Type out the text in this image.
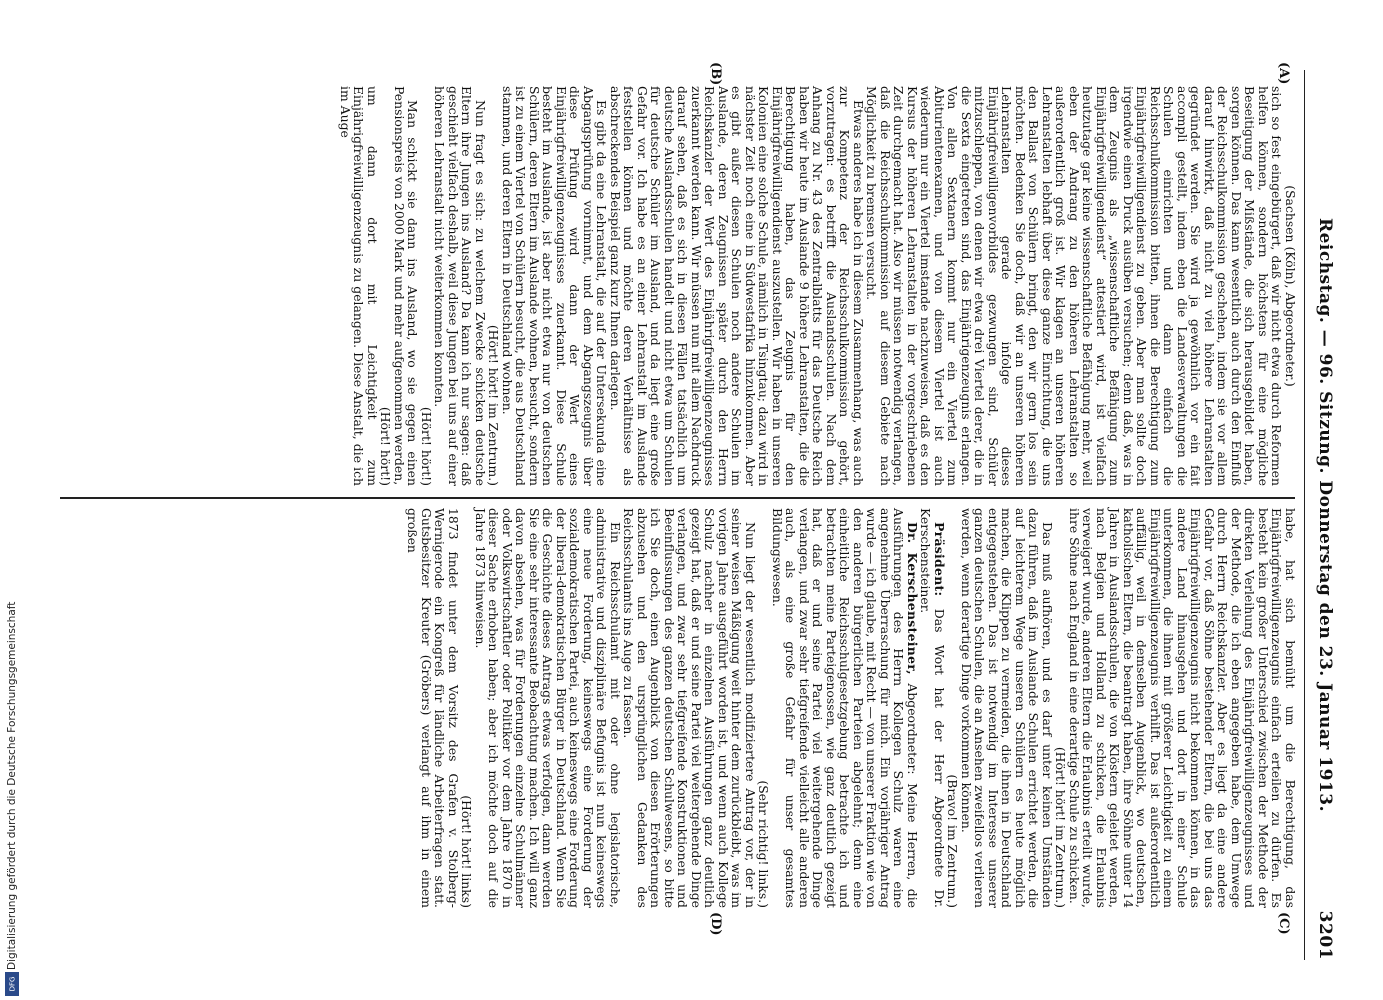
Digitalisierung gefördert durch die Deutsche Forschungsgemeinschaft
DFG
Reichstag. — 96. Sitzung. Donnerstag den 23. Januar 1913.
3201
(A)
(B)
(C)
(D)

(Sachsen (Köln), Abgeordneter.)

sich so fest eingebürgert, daß wir nicht etwa durch Reformen helfen können, sondern höchstens für eine mögliche Beseitigung der Mißstände, die sich herausgebildet haben, sorgen können. Das kann wesentlich auch durch den Einfluß der Reichsschulkommission geschehen, indem sie vor allem darauf hinwirkt, daß nicht zu viel höhere Lehranstalten gegründet werden. Sie wird ja gewöhnlich vor ein fait accompli gestellt, indem eben die Landesverwaltungen die Schulen einrichten und dann einfach die Reichsschulkommission bitten, ihnen die Berechtigung zum Einjährigfreiwilligendienst zu geben. Aber man sollte doch irgendwie einen Druck ausüben versuchen; denn daß, was in dem Zeugnis als „wissenschaftliche Befähigung zum Einjährigfreiwilligendienst“ attestiert wird, ist vielfach heutzutage gar keine wissenschaftliche Befähigung mehr, weil eben der Andrang zu den höheren Lehranstalten so außerordentlich groß ist. Wir klagen an unseren höheren Lehranstalten lebhaft über diese ganze Einrichtung, die uns den Ballast von Schülern bringt, den wir gern los sein möchten. Bedenken Sie doch, daß wir an unseren höheren Lehranstalten gerade infolge dieses Einjährigfreiwilligenvorbildes gezwungen sind, Schüler mitzuschleppen, von denen wir etwa drei Viertel derer, die in die Sexta eingetreten sind, das Einjährigenzeugnis erlangen. Von allen Sextanern kommt nur ein Viertel zum Abiturientenexamen, und von diesem Viertel ist auch wiederum nur ein Viertel imstande nachzuweisen, daß es den Kursus der höheren Lehranstalten in der vorgeschriebenen Zeit durchgemacht hat. Also wir müssen notwendig verlangen, daß die Reichsschulkommission auf diesem Gebiete nach Möglichkeit zu bremsen versucht.

Etwas anderes habe ich in diesem Zusammenhang, was auch zur Kompetenz der Reichsschulkommission gehört, vorzutragen: es betrifft die Auslandsschulen. Nach dem Anhang zu Nr. 43 des Zentralblatts für das Deutsche Reich haben wir heute im Auslande 9 höhere Lehranstalten, die die Berechtigung haben, das Zeugnis für den Einjährigfreiwilligendienst auszustellen. Wir haben in unseren Kolonien eine solche Schule, nämlich in Tsingtau; dazu wird in nächster Zeit noch eine in Südwestafrika hinzukommen. Aber es gibt außer diesen Schulen noch andere Schulen im Auslande, deren Zeugnissen später durch den Herrn Reichskanzler der Wert des Einjährigfreiwilligenzeugnisses zuerkannt werden kann. Wir müssen nun mit allem Nachdruck darauf sehen, daß es sich in diesen Fällen tatsächlich um deutsche Auslandsschulen handelt und nicht etwa um Schulen für deutsche Schüler im Ausland, und da liegt eine große Gefahr vor. Ich habe es an einer Lehranstalt im Auslande feststellen können und möchte deren Verhältnisse als abschreckendes Beispiel ganz kurz Ihnen darlegen.

Es gibt da eine Lehranstalt, die auf der Untersekunda eine Abgangsprüfung vornimmt, und dem Abgangszeugnis über diese Prüfung wird dann der Wert eines Einjährigfreiwilligenzeugnisses zuerkannt. Diese Schule besteht im Auslande, ist aber nicht etwa nur von deutschen Schülern, deren Eltern im Auslande wohnen, besucht, sondern ist zu einem Viertel von Schülern besucht, die aus Deutschland stammen, und deren Eltern in Deutschland wohnen.

(Hört! hört! im Zentrum.)

Nun fragt es sich: zu welchem Zwecke schicken deutsche Eltern ihre Jungen ins Ausland? Da kann ich nur sagen: daß geschieht vielfach deshalb, weil diese Jungen bei uns auf einer höheren Lehranstalt nicht weiterkommen konnten.

(Hört! hört!)

Man schickt sie dann ins Ausland, wo sie gegen einen Pensionspreis von 2000 Mark und mehr aufgenommen werden,

(Hört! hört!)

um dann dort mit Leichtigkeit zum Einjährigfreiwilligenzeugnis zu gelangen. Diese Anstalt, die ich im Auge

habe, hat sich bemüht um die Berechtigung, das Einjährigfreiwilligenzeugnis einfach erteilen zu dürfen. Es besteht kein großer Unterschied zwischen der Methode der direkten Verleihung des Einjährigfreiwilligenzeugnisses und der Methode, die ich eben angegeben habe, dem Umwege durch Herrn Reichskanzler. Aber es liegt da eine andere Gefahr vor, daß Söhne bestehender Eltern, die bei uns das Einjährigfreiwilligenzeugnis nicht bekommen können, in das andere Land hinausgehen und dort in einer Schule unterkommen, die ihnen mit größerer Leichtigkeit zu einem Einjährigfreiwilligenzeugnis verhilft. Das ist außerordentlich auffällig, weil in demselben Augenblick, wo deutschen, katholischen Eltern, die beantragt haben, ihre Söhne unter 14 Jahren in Auslandsschulen, die von Klöstern geleitet werden, nach Belgien und Holland zu schicken, die Erlaubnis verweigert wurde, anderen Eltern die Erlaubnis erteilt wurde, ihre Söhne nach England in eine derartige Schule zu schicken.

(Hört! hört! im Zentrum.)

Das muß aufhören, und es darf unter keinen Umständen dazu führen, daß im Auslande Schulen errichtet werden, die auf leichterem Wege unseren Schülern es heute möglich machen, die Klippen zu vermeiden, die ihnen in Deutschland entgegenstehen. Das ist notwendig im Interesse unserer ganzen deutschen Schulen, die an Ansehen zweifellos verlieren werden, wenn derartige Dinge vorkommen können.

(Bravo! im Zentrum.)

Präsident: Das Wort hat der Herr Abgeordnete Dr. Kerschensteiner.

Dr. Kerschensteiner, Abgeordneter: Meine Herren, die Ausführungen des Herrn Kollegen Schulz waren eine angenehme Überraschung für mich. Ein vorjähriger Antrag wurde — ich glaube, mit Recht — von unserer Fraktion wie von den anderen bürgerlichen Parteien abgelehnt; denn eine einheitliche Reichsschulgesetzgebung betrachte ich und betrachten meine Parteigenossen, wie ganz deutlich gezeigt hat, daß er und seine Partei viel weitergehende Dinge verlangen, und zwar sehr tiefgreifende vielleicht alle anderen auch, als eine große Gefahr für unser gesamtes Bildungswesen.

(Sehr richtig! links.)

Nun liegt der wesentlich modifiziertere Antrag vor, der in seiner weisen Mäßigung weit hinter dem zurückbleibt, was im vorigen Jahre ausgeführt worden ist, und wenn auch Kollege Schulz nachher in einzelnen Ausführungen ganz deutlich gezeigt hat, daß er und seine Partei viel weitergehende Dinge verlangen, und zwar sehr tiefgreifende Konstruktionen und Beeinflussungen des ganzen deutschen Schulwesens, so bitte ich Sie doch, einen Augenblick von diesen Erörterungen abzusehen und den ursprünglichen Gedanken des Reichsschulamts ins Auge zu fassen.

Ein Reichsschulamt mit oder ohne legislatorische, administrative und disziplinäre Befugnis ist nun keineswegs eine neue Forderung, keineswegs eine Forderung der sozialdemokratischen Partei, auch keineswegs eine Forderung der liberal-demokratischen Bürger in Deutschland. Wenn Sie die Geschichte dieses Antrags etwas verfolgen, dann werden Sie eine sehr interessante Beobachtung machen. Ich will ganz davon absehen, was für Forderungen einzelne Schulmänner oder Volkswirtschaftler oder Politiker vor dem Jahre 1870 in dieser Sache erhoben haben; aber ich möchte doch auf die Jahre 1873 hinweisen.

(Hört! hört! links)

1873 findet unter dem Vorsitz des Grafen v. Stolberg-Wernigerode ein Kongreß für ländliche Arbeiterfragen statt. Gutsbesitzer Kreuter (Gröbers) verlangt auf ihm in einem großen
